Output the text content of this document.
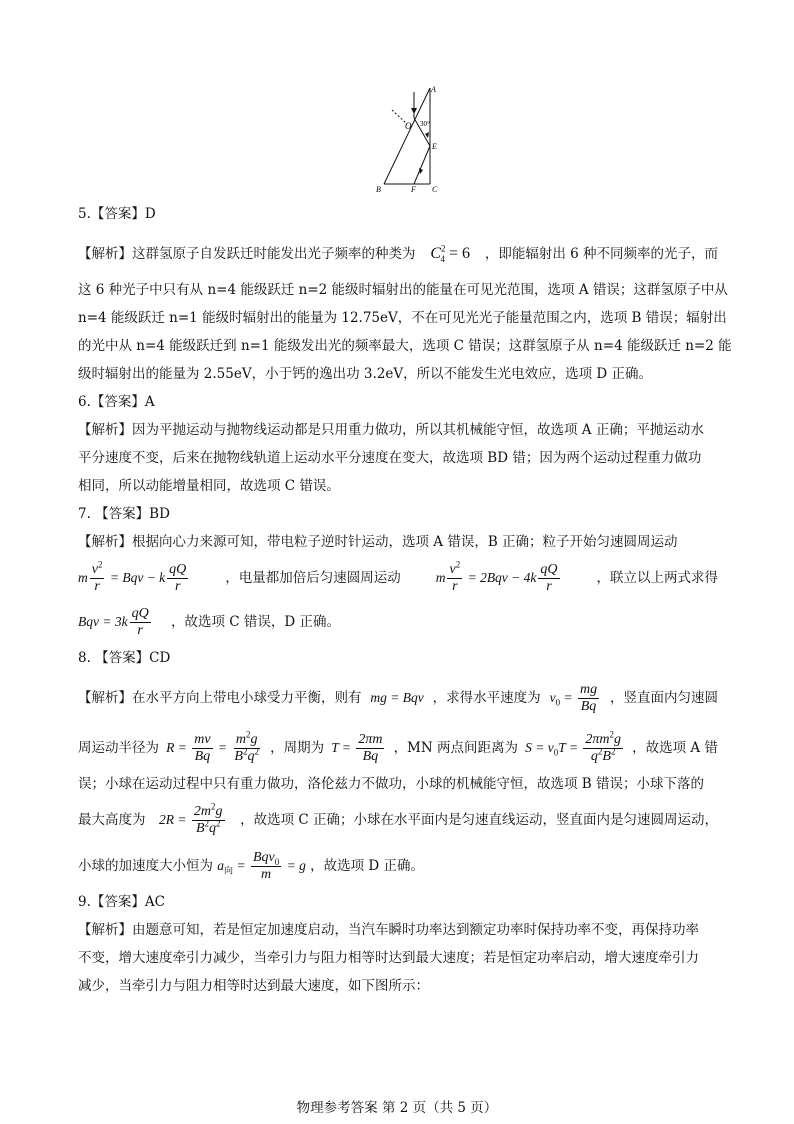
A
O 30°
E
B	F C
5.【答案】D
【解析】这群氢原子自发跃迁时能发出光子频率的种类为 $C^2_4 = 6$ ，即能辐射出 6 种不同频率的光子，而
这 6 种光子中只有从 n=4 能级跃迁 n=2 能级时辐射出的能量在可见光范围，选项 A 错误；这群氢原子中从
n=4 能级跃迁 n=1 能级时辐射出的能量为 12.75eV，不在可见光光子能量范围之内，选项 B 错误；辐射出
的光中从 n=4 能级跃迁到 n=1 能级发出光的频率最大，选项 C 错误；这群氢原子从 n=4 能级跃迁 n=2 能
级时辐射出的能量为 2.55eV，小于钙的逸出功 3.2eV，所以不能发生光电效应，选项 D 正确。
6.【答案】A
【解析】因为平抛运动与抛物线运动都是只用重力做功，所以其机械能守恒，故选项 A 正确；平抛运动水
平分速度不变，后来在抛物线轨道上运动水平分速度在变大，故选项 BD 错；因为两个运动过程重力做功
相同，所以动能增量相同，故选项 C 错误。
7. 【答案】BD
【解析】根据向心力来源可知，带电粒子逆时针运动，选项 A 错误，B 正确；粒子开始匀速圆周运动
m $\frac{v^2}{r}$ = Bqv − k $\frac{qQ}{r}$	，电量都加倍后匀速圆周运动	m $\frac{v^2}{r} = 2Bqv - 4k \frac{qQ}{r}$	，联立以上两式求得
Bqv = $3k \frac{qQ}{r}$ ，故选项 C 错误，D 正确。
8. 【答案】CD
【解析】在水平方向上带电小球受力平衡，则有 mg = Bqv ，求得水平速度为 $v_0 = \frac{mg}{Bq}$ ，竖直面内匀速圆
周运动半径为 $R = \frac{mv}{Bq} = \frac{m^2g}{B^2q^2}$ ，周期为 $T = \frac{2\pi m}{Bq}$ ，MN 两点间距离为 $S = v_0T = \frac{2\pi m^2g}{q^2B^2}$ ，故选项 A 错
误；小球在运动过程中只有重力做功，洛伦兹力不做功，小球的机械能守恒，故选项 B 错误；小球下落的
最大高度为 $2R = \frac{2m^2g}{B^2q^2}$ ，故选项 C 正确；小球在水平面内是匀速直线运动，竖直面内是匀速圆周运动，
小球的加速度大小恒为 $a_向 = \frac{Bqv_0}{m} = g$ ，故选项 D 正确。
9.【答案】AC
【解析】由题意可知，若是恒定加速度启动，当汽车瞬时功率达到额定功率时保持功率不变，再保持功率
不变，增大速度牵引力减少，当牵引力与阻力相等时达到最大速度；若是恒定功率启动，增大速度牵引力
减少，当牵引力与阻力相等时达到最大速度，如下图所示：
物理参考答案 第 2 页（共 5 页）
